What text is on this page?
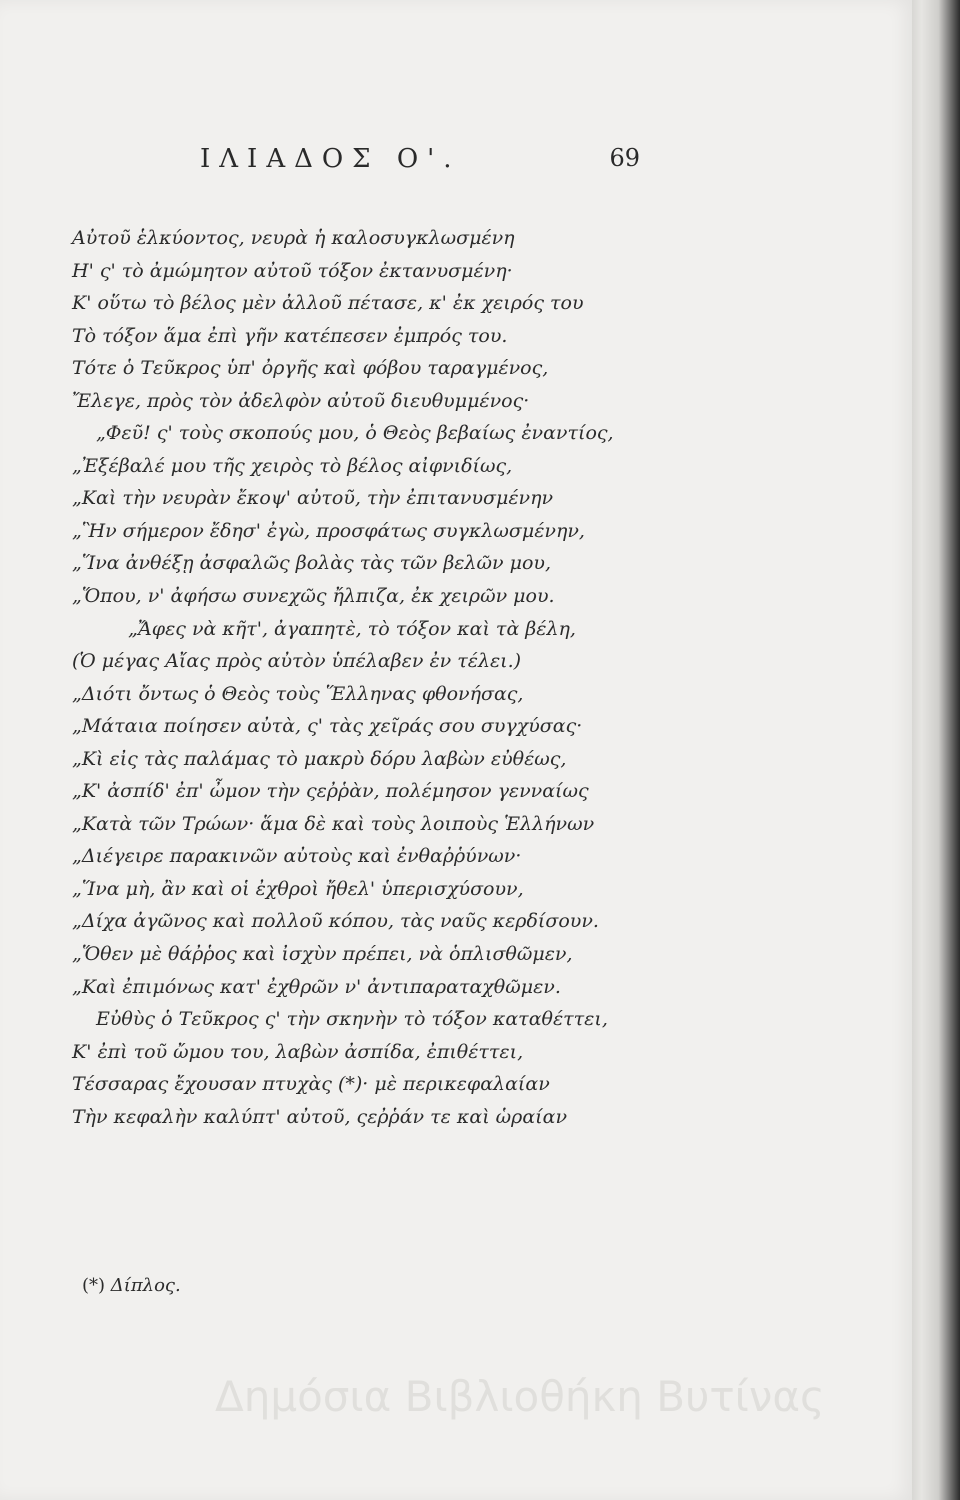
ΙΛΙΑΔΟΣ Ο'.	69
Αὐτοῦ ἑλκύοντος, νευρὰ ἡ καλοσυγκλωσμένη
Η' ς' τὸ ἀμώμητον αὐτοῦ τόξον ἐκτανυσμένη·
Κ' οὕτω τὸ βέλος μὲν ἀλλοῦ πέτασε, κ' ἐκ χειρός του
Τὸ τόξον ἅμα ἐπὶ γῆν κατέπεσεν ἐμπρός του.
Τότε ὁ Τεῦκρος ὑπ' ὀργῆς καὶ φόβου ταραγμένος,
Ἔλεγε, πρὸς τὸν ἀδελφὸν αὐτοῦ διευθυμμένος·
„Φεῦ! ς' τοὺς σκοπούς μου, ὁ Θεὸς βεβαίως ἐναντίος,
„Ἐξέβαλέ μου τῆς χειρὸς τὸ βέλος αἰφνιδίως,
„Καὶ τὴν νευρὰν ἔκοψ' αὐτοῦ, τὴν ἐπιτανυσμένην
„Ἣν σήμερον ἔδησ' ἐγὼ, προσφάτως συγκλωσμένην,
„Ἵνα ἀνθέξῃ ἀσφαλῶς βολὰς τὰς τῶν βελῶν μου,
„Ὅπου, ν' ἀφήσω συνεχῶς ἤλπιζα, ἐκ χειρῶν μου.
„Ἄφες νὰ κῆτ', ἀγαπητὲ, τὸ τόξον καὶ τὰ βέλη,
(Ὁ μέγας Αἴας πρὸς αὐτὸν ὑπέλαβεν ἐν τέλει.)
„Διότι ὄντως ὁ Θεὸς τοὺς Ἕλληνας φθονήσας,
„Μάταια ποίησεν αὐτὰ, ς' τὰς χεῖράς σου συγχύσας·
„Κὶ εἰς τὰς παλάμας τὸ μακρὺ δόρυ λαβὼν εὐθέως,
„Κ' ἀσπίδ' ἐπ' ὦμον τὴν ςεῤῥὰν, πολέμησον γενναίως
„Κατὰ τῶν Τρώων· ἅμα δὲ καὶ τοὺς λοιποὺς Ἑλλήνων
„Διέγειρε παρακινῶν αὐτοὺς καὶ ἐνθαῤῥύνων·
„Ἵνα μὴ, ἂν καὶ οἱ ἐχθροὶ ἤθελ' ὑπερισχύσουν,
„Δίχα ἀγῶνος καὶ πολλοῦ κόπου, τὰς ναῦς κερδίσουν.
„Ὅθεν μὲ θάῤῥος καὶ ἰσχὺν πρέπει, νὰ ὁπλισθῶμεν,
„Καὶ ἐπιμόνως κατ' ἐχθρῶν ν' ἀντιπαραταχθῶμεν.
Εὐθὺς ὁ Τεῦκρος ς' τὴν σκηνὴν τὸ τόξον καταθέττει,
Κ' ἐπὶ τοῦ ὤμου του, λαβὼν ἀσπίδα, ἐπιθέττει,
Τέσσαρας ἔχουσαν πτυχὰς (*)· μὲ περικεφαλαίαν
Τὴν κεφαλὴν καλύπτ' αὐτοῦ, ςεῤῥάν τε καὶ ὡραίαν
(*) Δίπλος.
Δημόσια Βιβλιοθήκη Βυτίνας
